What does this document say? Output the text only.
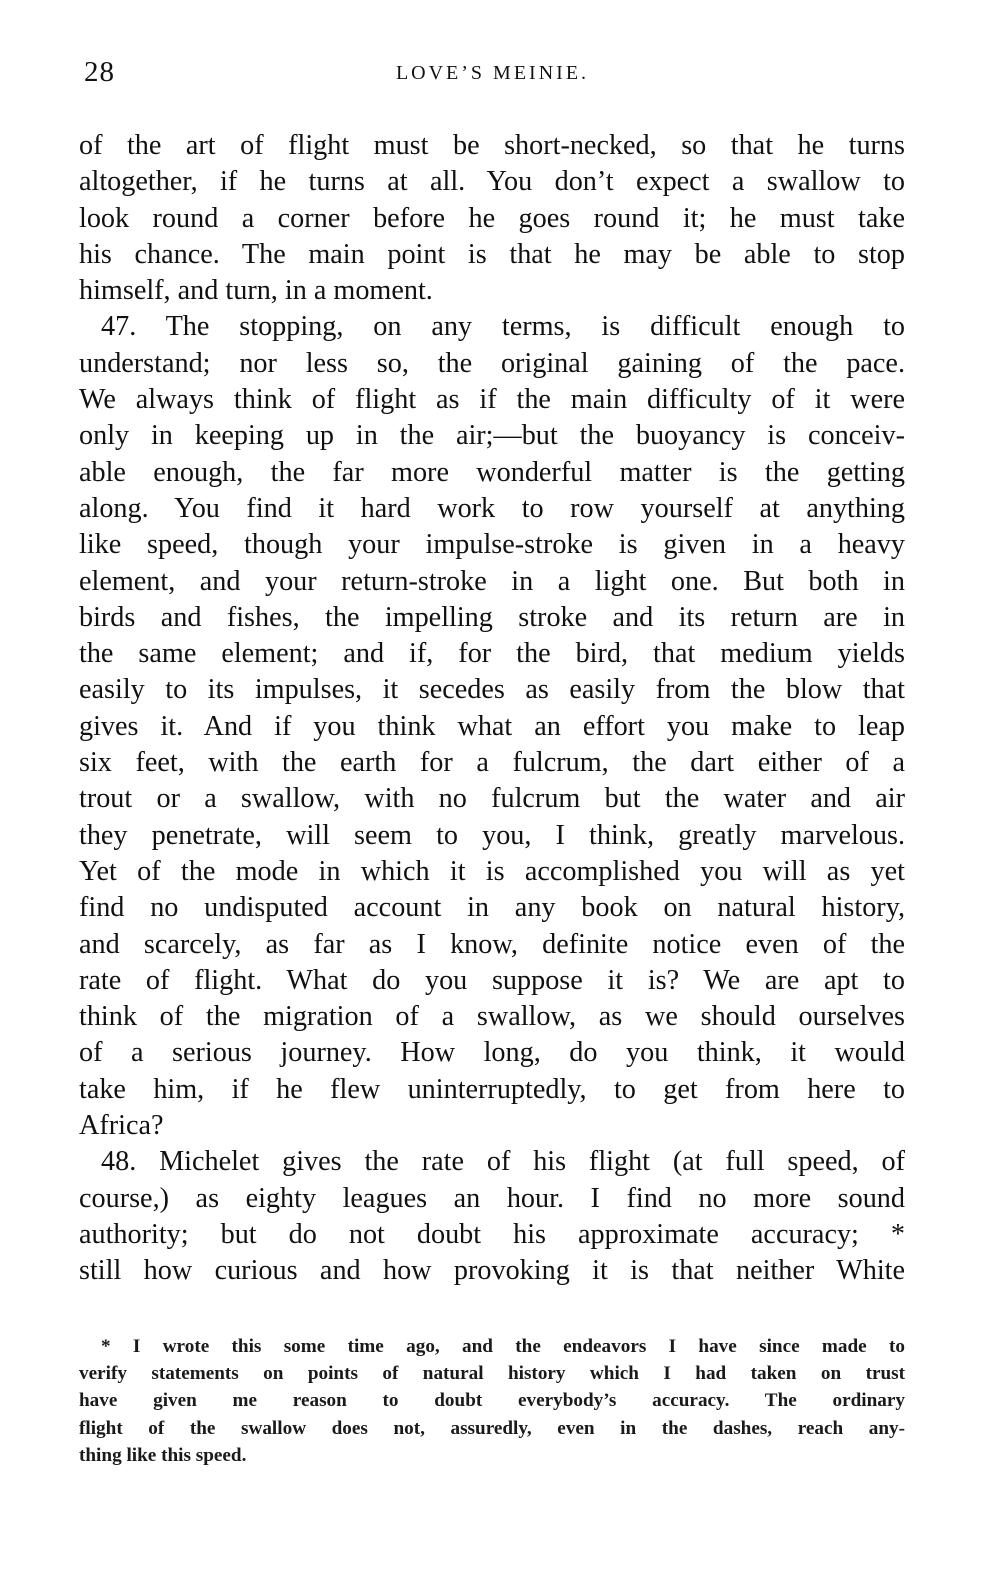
28	LOVE’S MEINIE.
of the art of flight must be short-necked, so that he turns
altogether, if he turns at all. You don’t expect a swallow to
look round a corner before he goes round it; he must take
his chance. The main point is that he may be able to stop
himself, and turn, in a moment.
47. The stopping, on any terms, is difficult enough to
understand; nor less so, the original gaining of the pace.
We always think of flight as if the main difficulty of it were
only in keeping up in the air;—but the buoyancy is conceiv-
able enough, the far more wonderful matter is the getting
along. You find it hard work to row yourself at anything
like speed, though your impulse-stroke is given in a heavy
element, and your return-stroke in a light one. But both in
birds and fishes, the impelling stroke and its return are in
the same element; and if, for the bird, that medium yields
easily to its impulses, it secedes as easily from the blow that
gives it. And if you think what an effort you make to leap
six feet, with the earth for a fulcrum, the dart either of a
trout or a swallow, with no fulcrum but the water and air
they penetrate, will seem to you, I think, greatly marvelous.
Yet of the mode in which it is accomplished you will as yet
find no undisputed account in any book on natural history,
and scarcely, as far as I know, definite notice even of the
rate of flight. What do you suppose it is? We are apt to
think of the migration of a swallow, as we should ourselves
of a serious journey. How long, do you think, it would
take him, if he flew uninterruptedly, to get from here to
Africa?
48. Michelet gives the rate of his flight (at full speed, of
course,) as eighty leagues an hour. I find no more sound
authority; but do not doubt his approximate accuracy; *
still how curious and how provoking it is that neither White
* I wrote this some time ago, and the endeavors I have since made to
verify statements on points of natural history which I had taken on trust
have given me reason to doubt everybody’s accuracy. The ordinary
flight of the swallow does not, assuredly, even in the dashes, reach any-
thing like this speed.
